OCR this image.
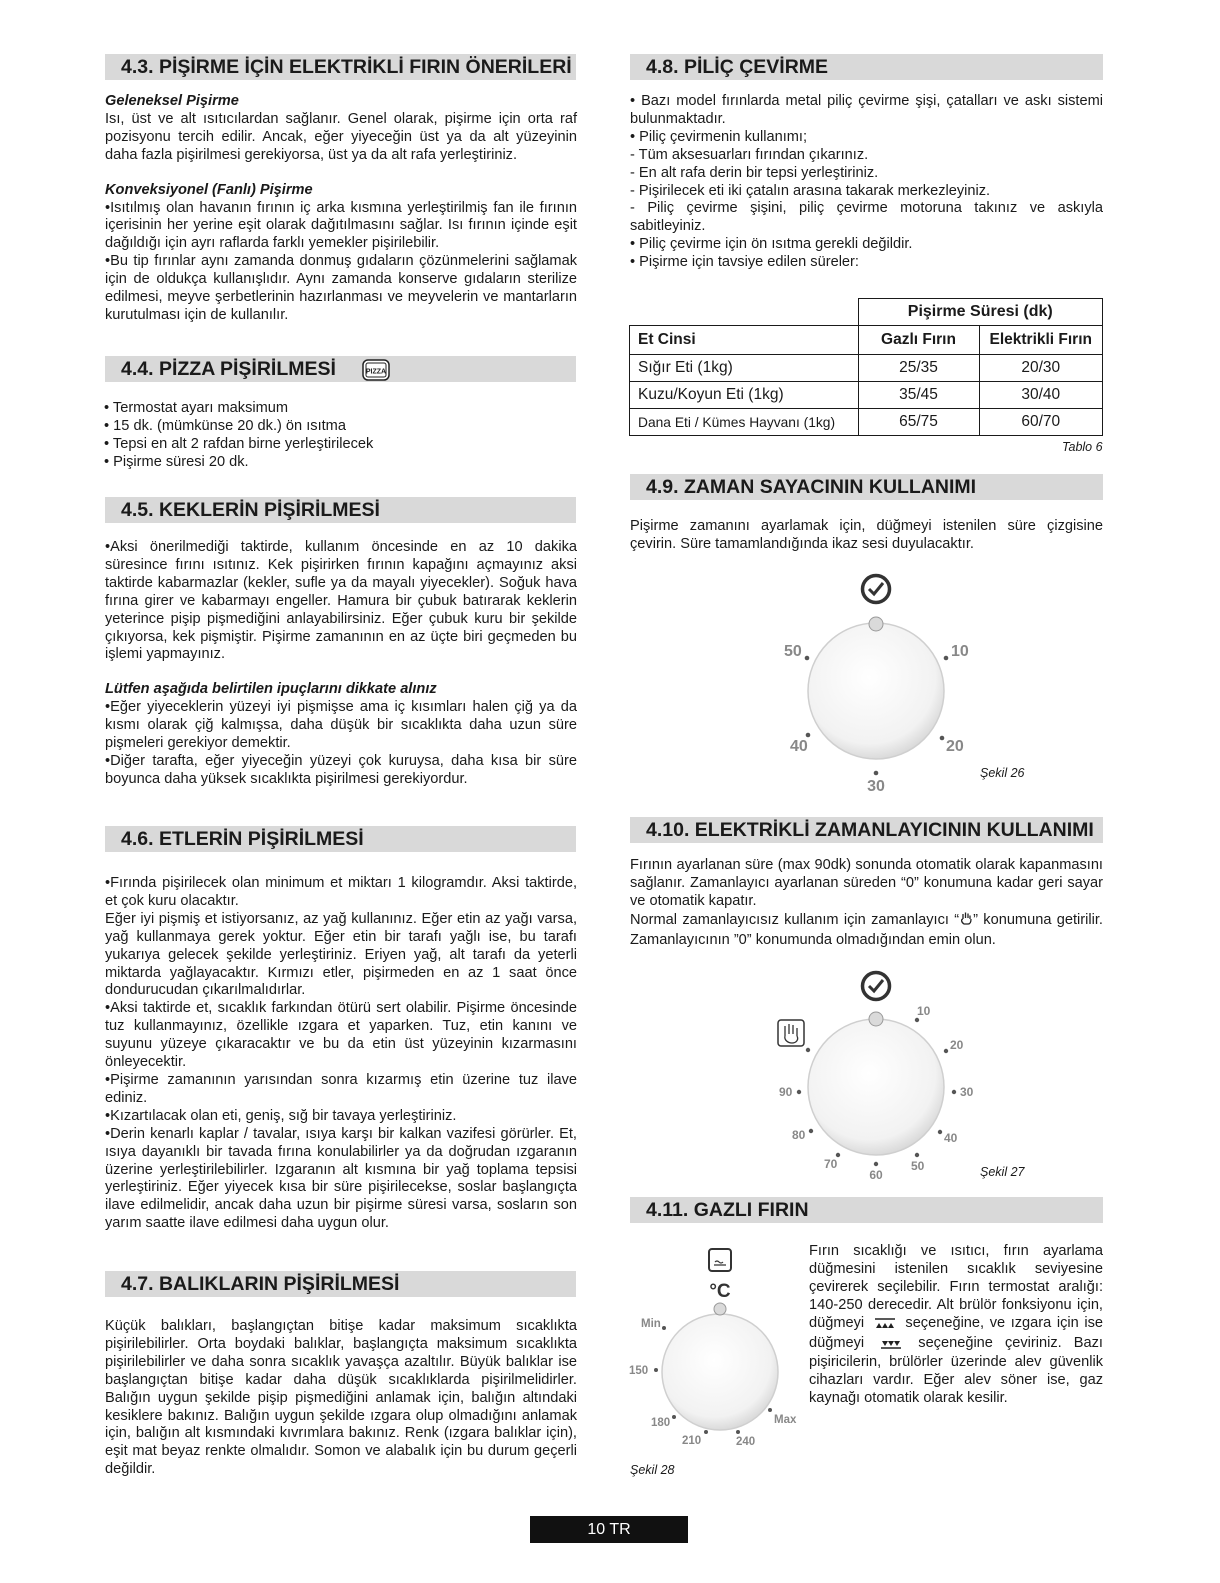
4.3. PİŞİRME İÇİN ELEKTRİKLİ FIRIN ÖNERİLERİ

Geleneksel Pişirme

Isı, üst ve alt ısıtıcılardan sağlanır. Genel olarak, pişirme için orta raf pozisyonu tercih edilir. Ancak, eğer yiyeceğin üst ya da alt yüzeyinin daha fazla pişirilmesi gerekiyorsa, üst ya da alt rafa yerleştiriniz.

Konveksiyonel (Fanlı) Pişirme

•Isıtılmış olan havanın fırının iç arka kısmına yerleştirilmiş fan ile fırının içerisinin her yerine eşit olarak dağıtılmasını sağlar. Isı fırının içinde eşit dağıldığı için ayrı raflarda farklı yemekler pişirilebilir.

•Bu tip fırınlar aynı zamanda donmuş gıdaların çözünmelerini sağlamak için de oldukça kullanışlıdır. Aynı zamanda konserve gıdaların sterilize edilmesi, meyve şerbetlerinin hazırlanması ve meyvelerin ve mantarların kurutulması için de kullanılır.

4.4. PİZZA PİŞİRİLMESİ	PIZZA
• Termostat ayarı maksimum
• 15 dk. (mümkünse 20 dk.) ön ısıtma
• Tepsi en alt 2 rafdan birne yerleştirilecek
• Pişirme süresi 20 dk.
4.5. KEKLERİN PİŞİRİLMESİ

•Aksi önerilmediği taktirde, kullanım öncesinde en az 10 dakika süresince fırını ısıtınız. Kek pişirirken fırının kapağını açmayınız aksi taktirde kabarmazlar (kekler, sufle ya da mayalı yiyecekler). Soğuk hava fırına girer ve kabarmayı engeller. Hamura bir çubuk batırarak keklerin yeterince pişip pişmediğini anlayabilirsiniz. Eğer çubuk kuru bir şekilde çıkıyorsa, kek pişmiştir. Pişirme zamanının en az üçte biri geçmeden bu işlemi yapmayınız.

Lütfen aşağıda belirtilen ipuçlarını dikkate alınız

•Eğer yiyeceklerin yüzeyi iyi pişmişse ama iç kısımları halen çiğ ya da kısmı olarak çiğ kalmışsa, daha düşük bir sıcaklıkta daha uzun süre pişmeleri gerekiyor demektir.

•Diğer tarafta, eğer yiyeceğin yüzeyi çok kuruysa, daha kısa bir süre boyunca daha yüksek sıcaklıkta pişirilmesi gerekiyordur.

4.6. ETLERİN PİŞİRİLMESİ

•Fırında pişirilecek olan minimum et miktarı 1 kilogramdır. Aksi taktirde, et çok kuru olacaktır.

Eğer iyi pişmiş et istiyorsanız, az yağ kullanınız. Eğer etin az yağı varsa, yağ kullanmaya gerek yoktur. Eğer etin bir tarafı yağlı ise, bu tarafı yukarıya gelecek şekilde yerleştiriniz. Eriyen yağ, alt tarafı da yeterli miktarda yağlayacaktır. Kırmızı etler, pişirmeden en az 1 saat önce dondurucudan çıkarılmalıdırlar.

•Aksi taktirde et, sıcaklık farkından ötürü sert olabilir. Pişirme öncesinde tuz kullanmayınız, özellikle ızgara et yaparken. Tuz, etin kanını ve suyunu yüzeye çıkaracaktır ve bu da etin üst yüzeyinin kızarmasını önleyecektir.

•Pişirme zamanının yarısından sonra kızarmış etin üzerine tuz ilave ediniz.

•Kızartılacak olan eti, geniş, sığ bir tavaya yerleştiriniz.

•Derin kenarlı kaplar / tavalar, ısıya karşı bir kalkan vazifesi görürler. Et, ısıya dayanıklı bir tavada fırına konulabilirler ya da doğrudan ızgaranın üzerine yerleştirilebilirler. Izgaranın alt kısmına bir yağ toplama tepsisi yerleştiriniz. Eğer yiyecek kısa bir süre pişirilecekse, soslar başlangıçta ilave edilmelidir, ancak daha uzun bir pişirme süresi varsa, sosların son yarım saatte ilave edilmesi daha uygun olur.

4.7. BALIKLARIN PİŞİRİLMESİ

Küçük balıkları, başlangıçtan bitişe kadar maksimum sıcaklıkta pişirilebilirler. Orta boydaki balıklar, başlangıçta maksimum sıcaklıkta pişirilebilirler ve daha sonra sıcaklık yavaşça azaltılır. Büyük balıklar ise başlangıçtan bitişe kadar daha düşük sıcaklıklarda pişirilmelidirler. Balığın uygun şekilde pişip pişmediğini anlamak için, balığın altındaki kesiklere bakınız. Balığın uygun şekilde ızgara olup olmadığını anlamak için, balığın alt kısmındaki kıvrımlara bakınız. Renk (ızgara balıklar için), eşit mat beyaz renkte olmalıdır. Somon ve alabalık için bu durum geçerli değildir.

4.8. PİLİÇ ÇEVİRME

• Bazı model fırınlarda metal piliç çevirme şişi, çatalları ve askı sistemi bulunmaktadır.

• Piliç çevirmenin kullanımı;
- Tüm aksesuarları fırından çıkarınız.
- En alt rafa derin bir tepsi yerleştiriniz.
- Pişirilecek eti iki çatalın arasına takarak merkezleyiniz.

- Piliç çevirme şişini, piliç çevirme motoruna takınız ve askıyla sabitleyiniz.

• Piliç çevirme için ön ısıtma gerekli değildir.
• Pişirme için tavsiye edilen süreler:
	Pişirme Süresi (dk)	
Et Cinsi	Gazlı Fırın	Elektrikli Fırın
Sığır Eti (1kg)	25/35	20/30
Kuzu/Koyun Eti (1kg)	35/45	30/40
Dana Eti / Kümes Hayvanı (1kg)	65/75	60/70
Tablo 6
4.9. ZAMAN SAYACININ KULLANIMI

Pişirme zamanını ayarlamak için, düğmeyi istenilen süre çizgisine çevirin. Süre tamamlandığında ikaz sesi duyulacaktır.

10
20
30
40
50
Şekil 26
4.10. ELEKTRİKLİ ZAMANLAYICININ KULLANIMI

Fırının ayarlanan süre (max 90dk) sonunda otomatik olarak kapanmasını sağlanır. Zamanlayıcı ayarlanan süreden “0” konumuna kadar geri sayar ve otomatik kapatır.

Normal zamanlayıcısız kullanım için zamanlayıcı “ ” konumuna getirilir. Zamanlayıcının ”0” konumunda olmadığından emin olun.

10
20
30
40
50
60
70
80
90
Şekil 27
4.11. GAZLI FIRIN
°C
Min
150
180
210	240
Max
Şekil 28

Fırın sıcaklığı ve ısıtıcı, fırın ayarlama düğmesini istenilen sıcaklık seviyesine çevirerek seçilebilir. Fırın termostat aralığı: 140-250 derecedir. Alt brülör fonksiyonu için, düğmeyi	seçeneğine, ve ızgara için ise düğmeyi	seçeneğine çeviriniz. Bazı pişiricilerin, brülörler üzerinde alev güvenlik cihazları vardır. Eğer alev söner ise, gaz kaynağı otomatik olarak kesilir.

10 TR
